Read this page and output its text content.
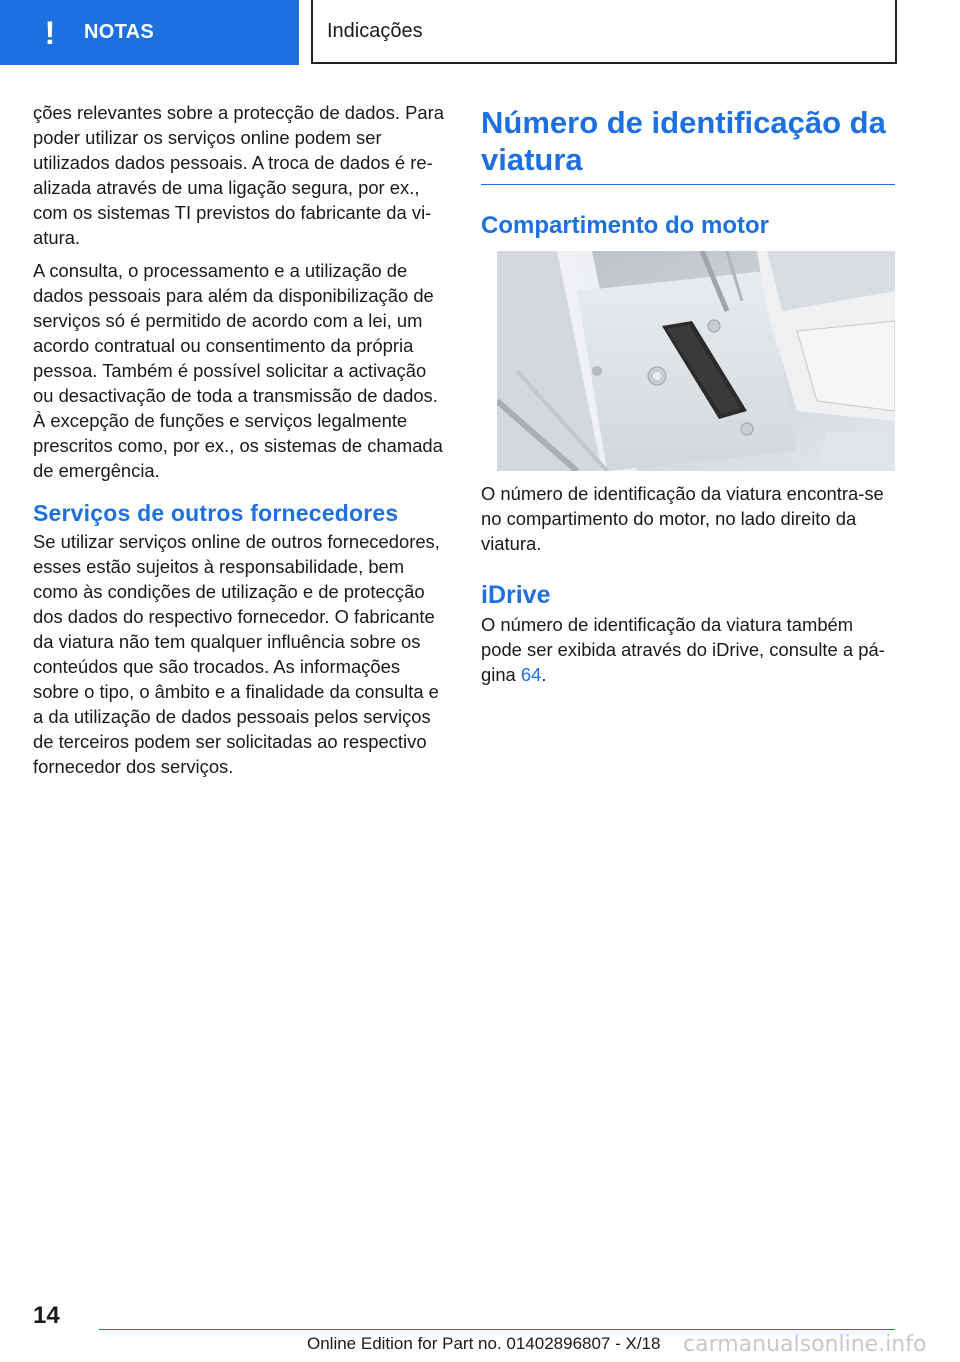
! NOTAS	Indicações

ções relevantes sobre a protecção de dados. Para poder utilizar os serviços online podem ser utilizados dados pessoais. A troca de dados é realizada através de uma ligação segura, por ex., com os sistemas TI previstos do fabricante da viatura.

A consulta, o processamento e a utilização de dados pessoais para além da disponibilização de serviços só é permitido de acordo com a lei, um acordo contratual ou consentimento da própria pessoa. Também é possível solicitar a activação ou desactivação de toda a transmissão de dados. À excepção de funções e serviços legalmente prescritos como, por ex., os sistemas de chamada de emergência.

Serviços de outros fornecedores

Se utilizar serviços online de outros fornecedores, esses estão sujeitos à responsabilidade, bem como às condições de utilização e de protecção dos dados do respectivo fornecedor. O fabricante da viatura não tem qualquer influência sobre os conteúdos que são trocados. As informações sobre o tipo, o âmbito e a finalidade da consulta e a da utilização de dados pessoais pelos serviços de terceiros podem ser solicitadas ao respectivo fornecedor dos serviços.

Número de identificação da viatura
Compartimento do motor

O número de identificação da viatura encontra-se no compartimento do motor, no lado direito da viatura.

iDrive

O número de identificação da viatura também pode ser exibida através do iDrive, consulte a página 64.

14
Online Edition for Part no. 01402896807 - X/18 carmanualsonline.info
